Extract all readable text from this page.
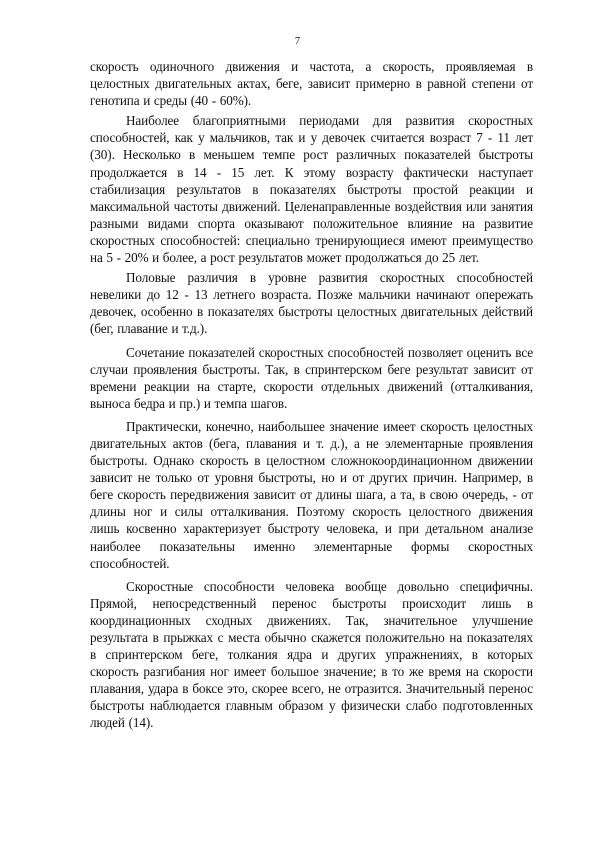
7

скорость одиночного движения и частота, а скорость, проявляемая в целостных двигательных актах, беге, зависит примерно в равной степени от генотипа и среды (40 - 60%).

Наиболее благоприятными периодами для развития скоростных способностей, как у мальчиков, так и у девочек считается возраст 7 - 11 лет (30). Несколько в меньшем темпе рост различных показателей быстроты продолжается в 14 - 15 лет. К этому возрасту фактически наступает стабилизация результатов в показателях быстроты простой реакции и максимальной частоты движений. Целенаправленные воздействия или занятия разными видами спорта оказывают положительное влияние на развитие скоростных способностей: специально тренирующиеся имеют преимущество на 5 - 20% и более, а рост результатов может продолжаться до 25 лет.

Половые различия в уровне развития скоростных способностей невелики до 12 - 13 летнего возраста. Позже мальчики начинают опережать девочек, особенно в показателях быстроты целостных двигательных действий (бег, плавание и т.д.).

Сочетание показателей скоростных способностей позволяет оценить все случаи проявления быстроты. Так, в спринтерском беге результат зависит от времени реакции на старте, скорости отдельных движений (отталкивания, выноса бедра и пр.) и темпа шагов.

Практически, конечно, наибольшее значение имеет скорость целостных двигательных актов (бега, плавания и т. д.), а не элементарные проявления быстроты. Однако скорость в целостном сложнокоординационном движении зависит не только от уровня быстроты, но и от других причин. Например, в беге скорость передвижения зависит от длины шага, а та, в свою очередь, - от длины ног и силы отталкивания. Поэтому скорость целостного движения лишь косвенно характеризует быстроту человека, и при детальном анализе наиболее показательны именно элементарные формы скоростных способностей.

Скоростные способности человека вообще довольно специфичны. Прямой, непосредственный перенос быстроты происходит лишь в координационных сходных движениях. Так, значительное улучшение результата в прыжках с места обычно скажется положительно на показателях в спринтерском беге, толкания ядра и других упражнениях, в которых скорость разгибания ног имеет большое значение; в то же время на скорости плавания, удара в боксе это, скорее всего, не отразится. Значительный перенос быстроты наблюдается главным образом у физически слабо подготовленных людей (14).
